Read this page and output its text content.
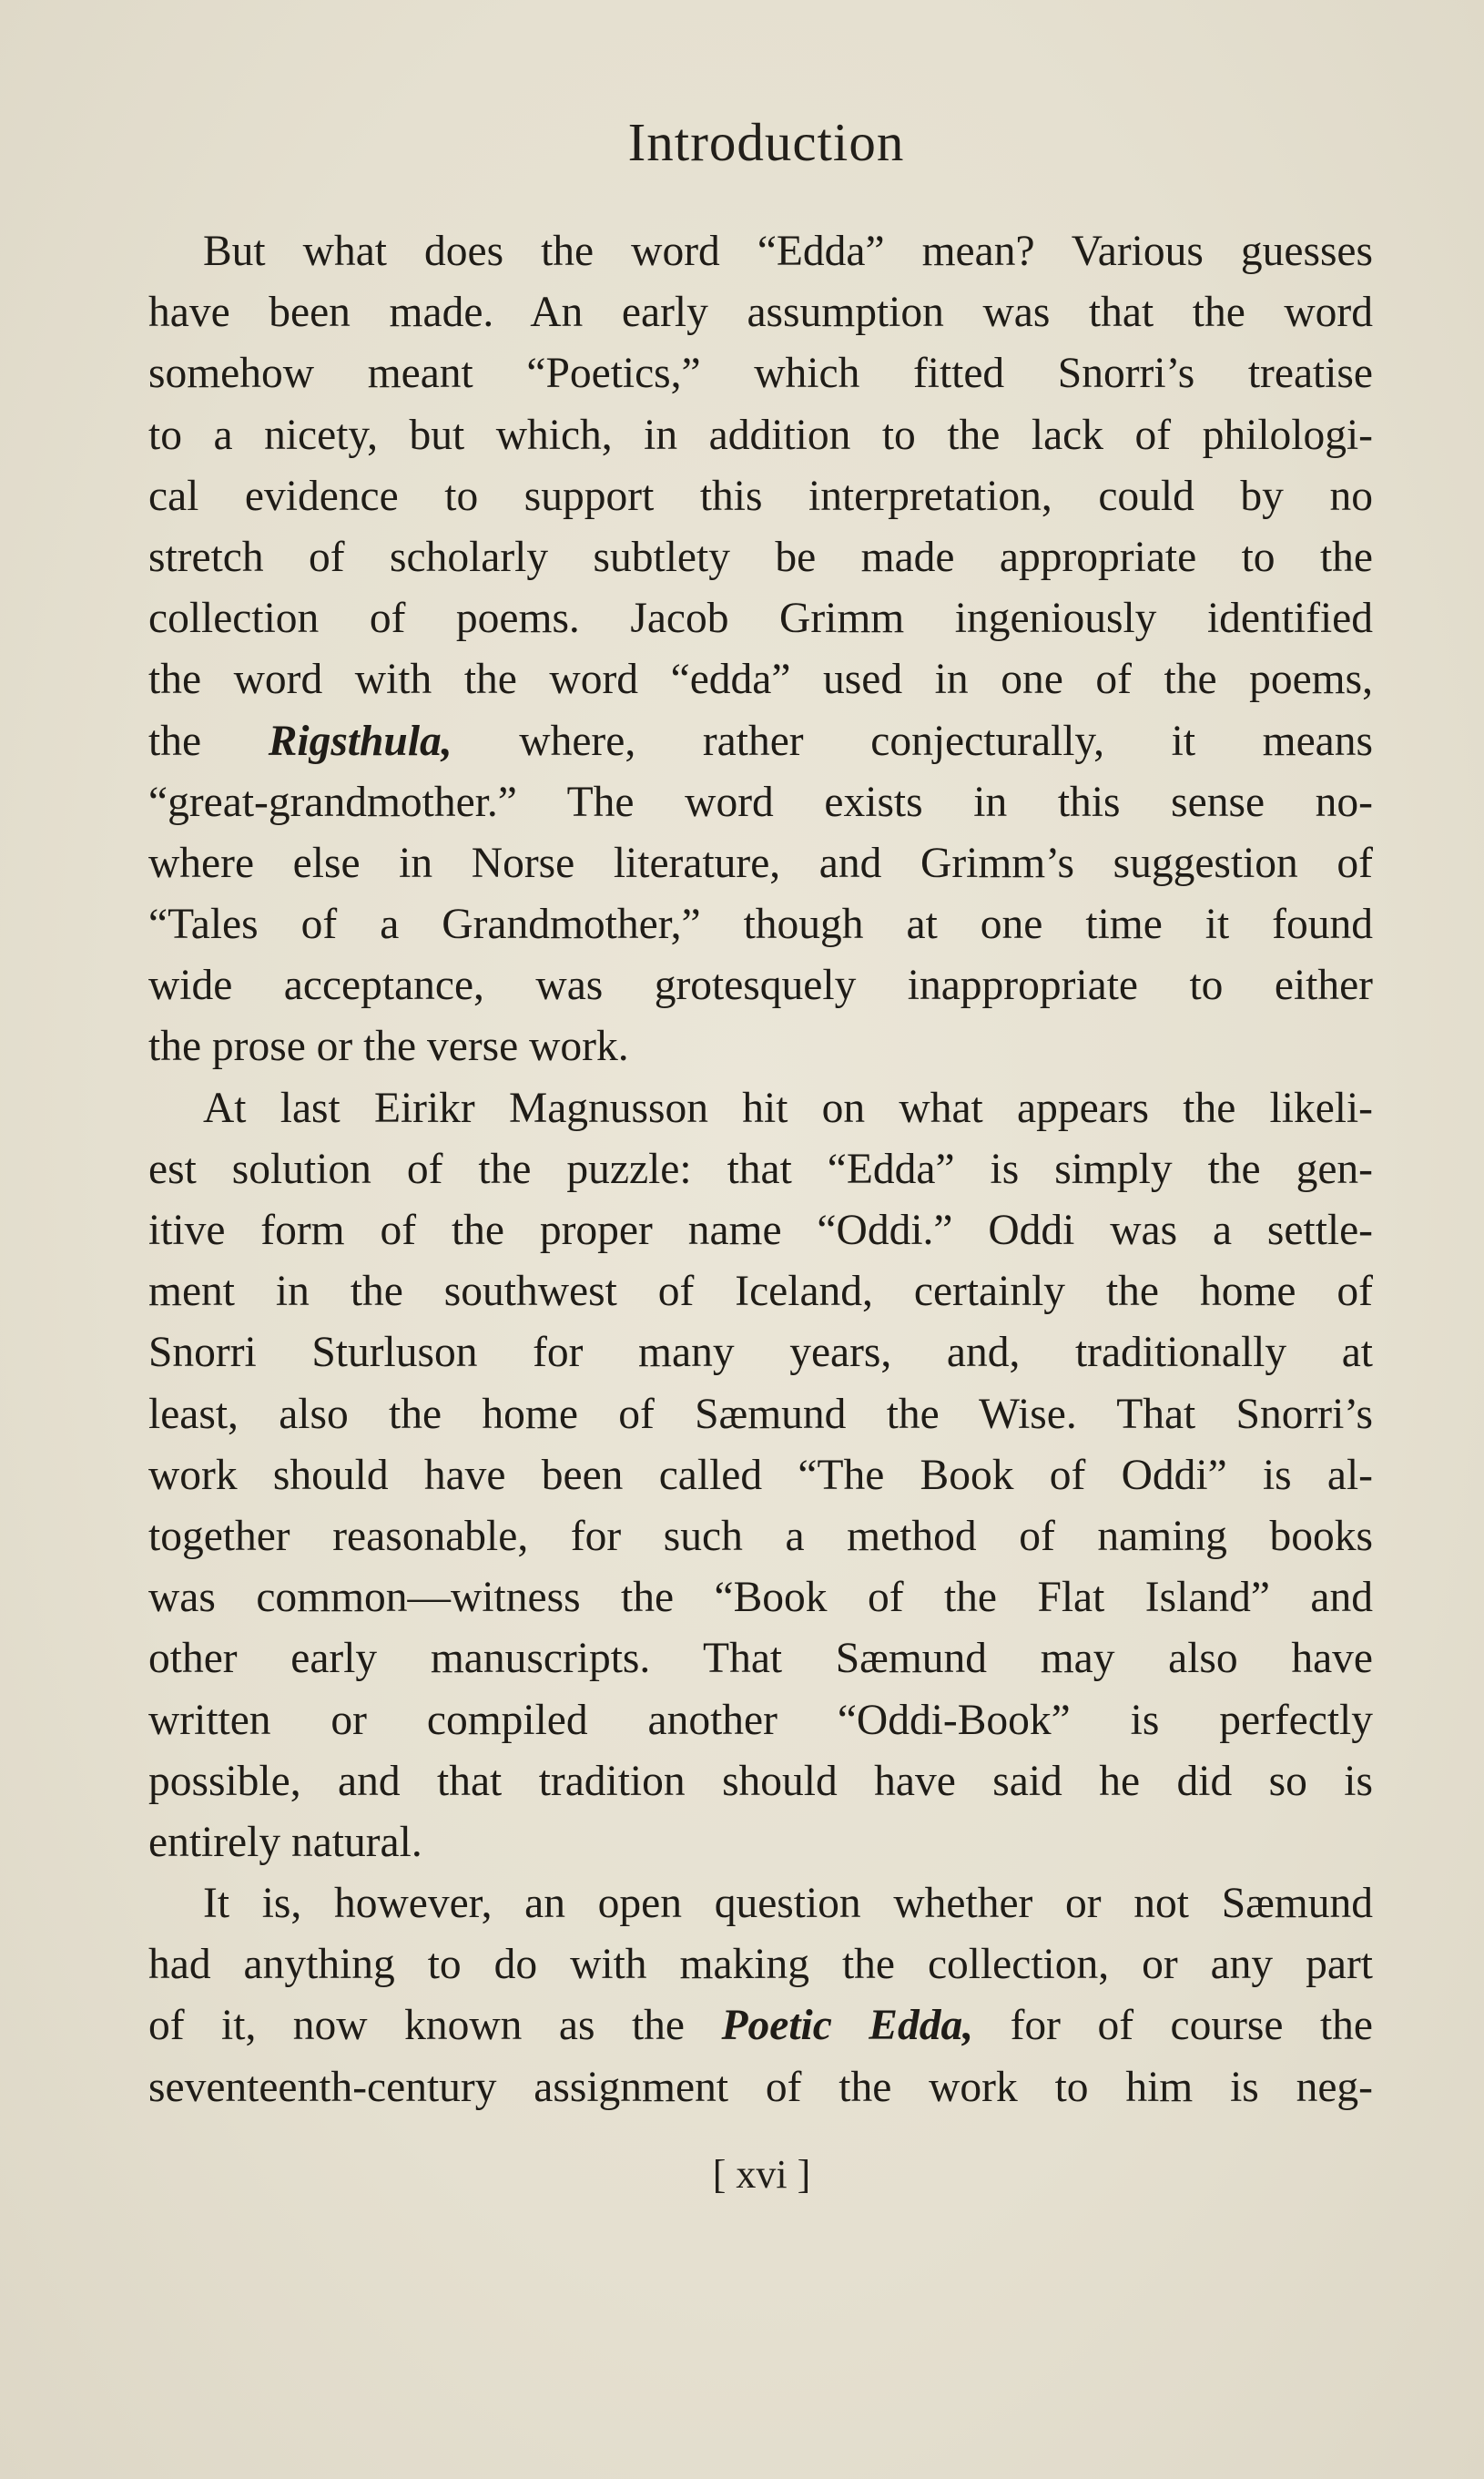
Introduction
But what does the word “Edda” mean? Various guesses
have been made. An early assumption was that the word
somehow meant “Poetics,” which fitted Snorri’s treatise
to a nicety, but which, in addition to the lack of philologi-
cal evidence to support this interpretation, could by no
stretch of scholarly subtlety be made appropriate to the
collection of poems. Jacob Grimm ingeniously identified
the word with the word “edda” used in one of the poems,
the Rigsthula, where, rather conjecturally, it means
“great-grandmother.” The word exists in this sense no-
where else in Norse literature, and Grimm’s suggestion of
“Tales of a Grandmother,” though at one time it found
wide acceptance, was grotesquely inappropriate to either
the prose or the verse work.
At last Eirikr Magnusson hit on what appears the likeli-
est solution of the puzzle: that “Edda” is simply the gen-
itive form of the proper name “Oddi.” Oddi was a settle-
ment in the southwest of Iceland, certainly the home of
Snorri Sturluson for many years, and, traditionally at
least, also the home of Sæmund the Wise. That Snorri’s
work should have been called “The Book of Oddi” is al-
together reasonable, for such a method of naming books
was common—witness the “Book of the Flat Island” and
other early manuscripts. That Sæmund may also have
written or compiled another “Oddi-Book” is perfectly
possible, and that tradition should have said he did so is
entirely natural.
It is, however, an open question whether or not Sæmund
had anything to do with making the collection, or any part
of it, now known as the Poetic Edda, for of course the
seventeenth-century assignment of the work to him is neg-
[ xvi ]
